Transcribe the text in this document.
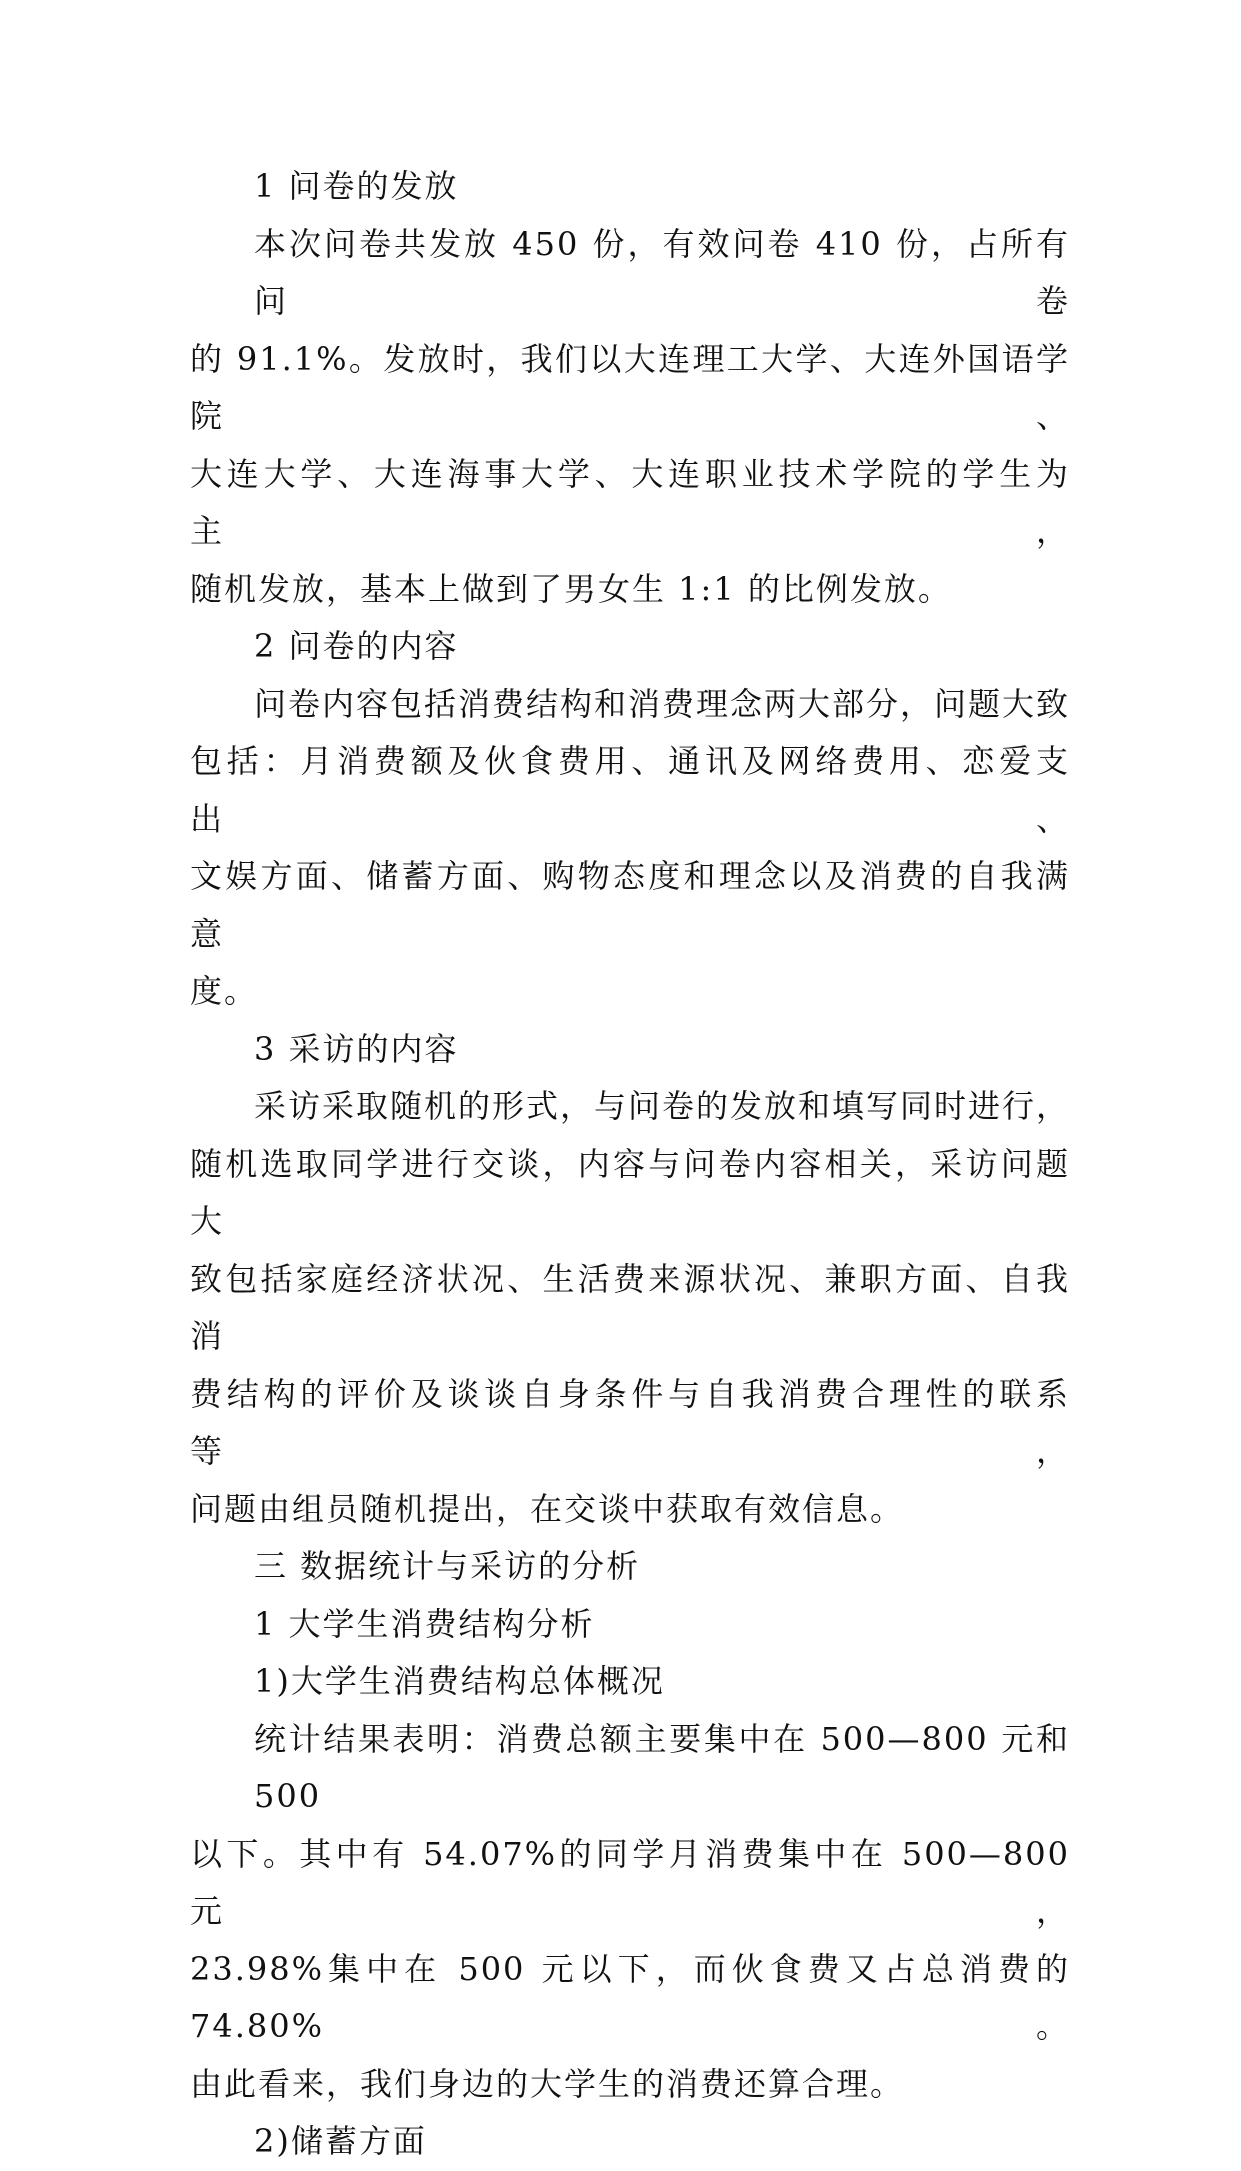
1 问卷的发放
本次问卷共发放 450 份，有效问卷 410 份，占所有问卷
的 91.1%。发放时，我们以大连理工大学、大连外国语学院、
大连大学、大连海事大学、大连职业技术学院的学生为主，
随机发放，基本上做到了男女生 1:1 的比例发放。
2 问卷的内容
问卷内容包括消费结构和消费理念两大部分，问题大致
包括：月消费额及伙食费用、通讯及网络费用、恋爱支出、
文娱方面、储蓄方面、购物态度和理念以及消费的自我满意
度。
3 采访的内容
采访采取随机的形式，与问卷的发放和填写同时进行，
随机选取同学进行交谈，内容与问卷内容相关，采访问题大
致包括家庭经济状况、生活费来源状况、兼职方面、自我消
费结构的评价及谈谈自身条件与自我消费合理性的联系等，
问题由组员随机提出，在交谈中获取有效信息。
三 数据统计与采访的分析
1 大学生消费结构分析
1)大学生消费结构总体概况
统计结果表明：消费总额主要集中在 500—800 元和 500
以下。其中有 54.07%的同学月消费集中在 500—800 元，
23.98%集中在 500 元以下，而伙食费又占总消费的 74.80%。
由此看来，我们身边的大学生的消费还算合理。
2)储蓄方面
